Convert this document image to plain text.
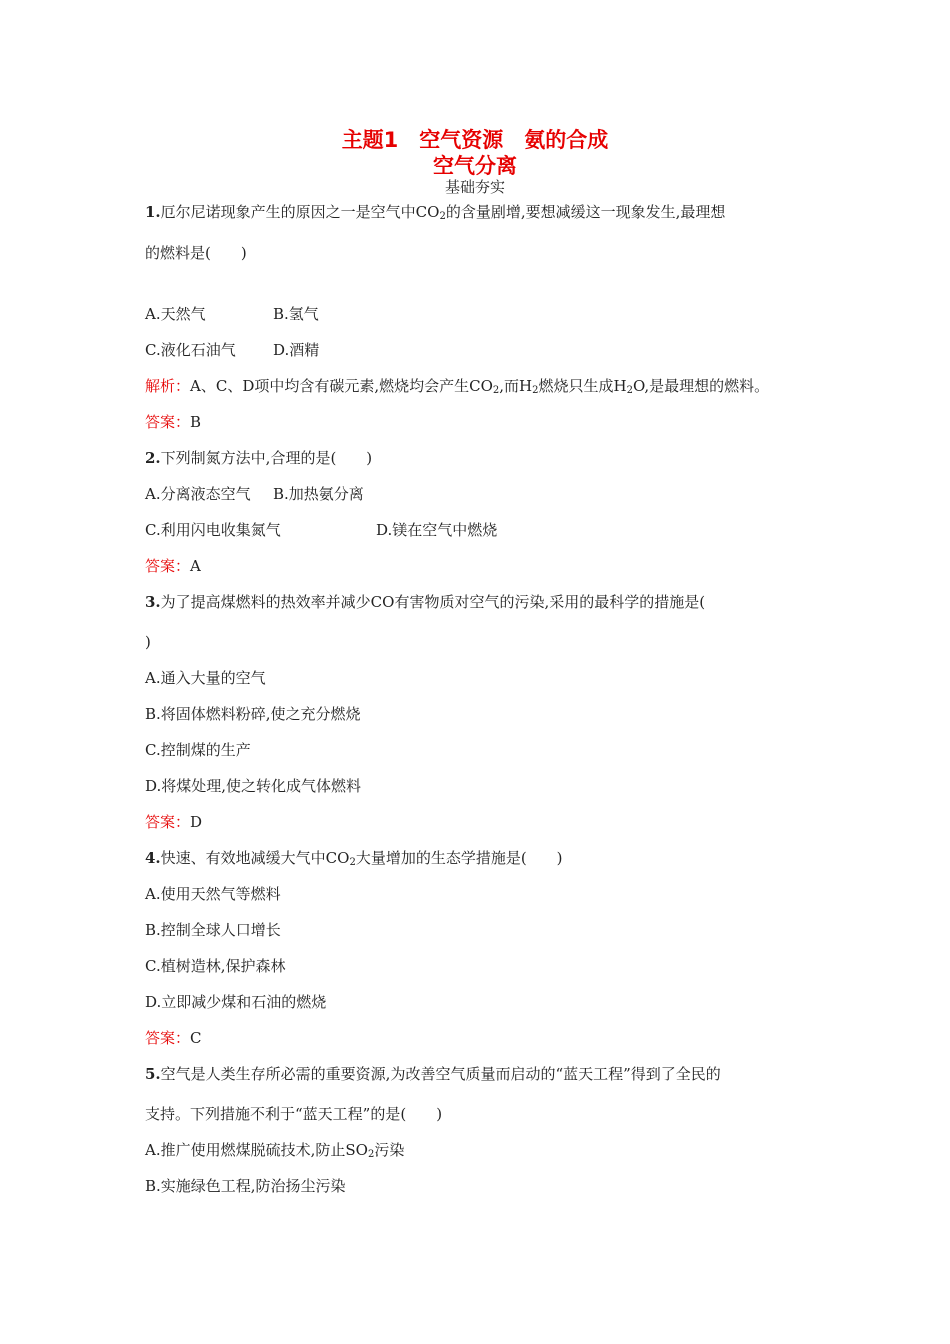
主题1　空气资源　氨的合成
空气分离
基础夯实
1.厄尔尼诺现象产生的原因之一是空气中$CO_2$的含量剧增,要想减缓这一现象发生,最理想
的燃料是(　　)
A.天然气	B.氢气
C.液化石油气 D.酒精
解析：A、C、D项中均含有碳元素,燃烧均会产生$CO_2$,而$H_2$燃烧只生成$H_2O$,是最理想的燃料。
答案：B
2.下列制氮方法中,合理的是(　　)
A.分离液态空气 B.加热氨分离
C.利用闪电收集氮气	D.镁在空气中燃烧
答案：A
3.为了提高煤燃料的热效率并减少CO有害物质对空气的污染,采用的最科学的措施是(
)
A.通入大量的空气
B.将固体燃料粉碎,使之充分燃烧
C.控制煤的生产
D.将煤处理,使之转化成气体燃料
答案：D
4.快速、有效地减缓大气中$CO_2$大量增加的生态学措施是(　　)
A.使用天然气等燃料
B.控制全球人口增长
C.植树造林,保护森林
D.立即减少煤和石油的燃烧
答案：C
5.空气是人类生存所必需的重要资源,为改善空气质量而启动的“蓝天工程”得到了全民的
支持。下列措施不利于“蓝天工程”的是(　　)
A.推广使用燃煤脱硫技术,防止$SO_2$污染
B.实施绿色工程,防治扬尘污染
